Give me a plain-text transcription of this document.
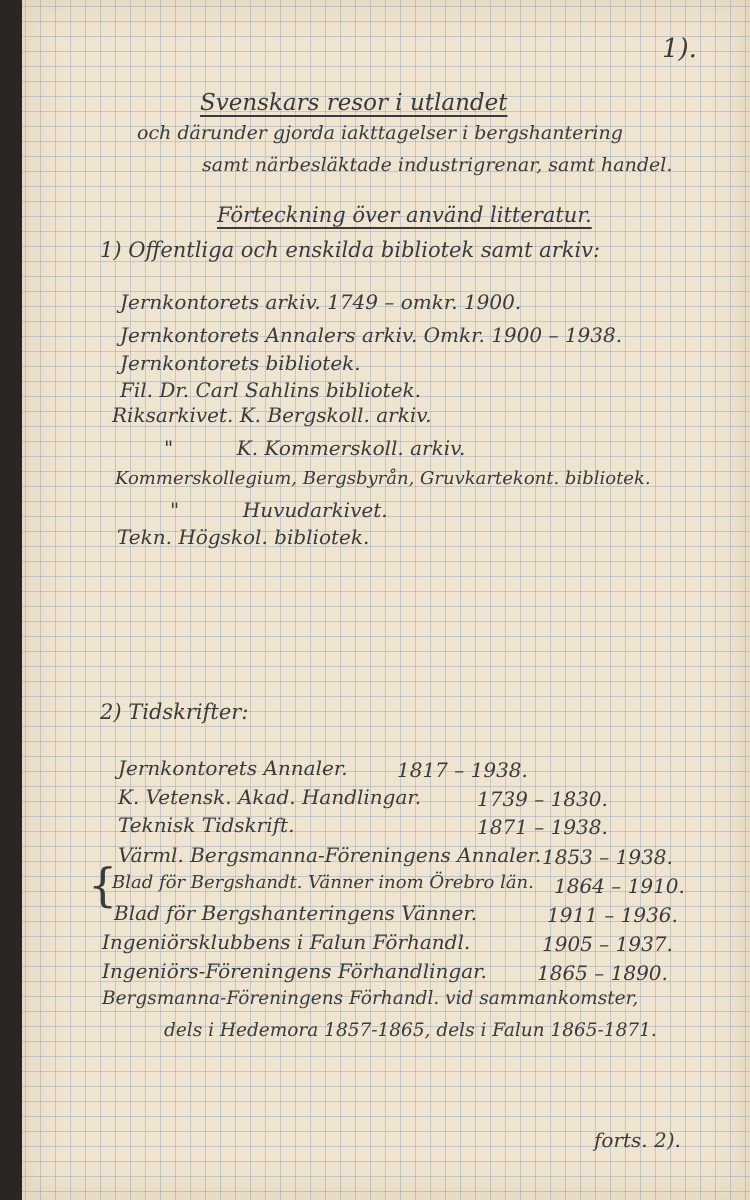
1).
Svenskars resor i utlandet
och därunder gjorda iakttagelser i bergshantering
samt närbesläktade industrigrenar, samt handel.
Förteckning över använd litteratur.
1) Offentliga och enskilda bibliotek samt arkiv:
Jernkontorets arkiv. 1749 – omkr. 1900.
Jernkontorets Annalers arkiv. Omkr. 1900 – 1938.
Jernkontorets bibliotek.
Fil. Dr. Carl Sahlins bibliotek.
Riksarkivet. K. Bergskoll. arkiv.
"          K. Kommerskoll. arkiv.
Kommerskollegium, Bergsbyrån, Gruvkartekont. bibliotek.
"          Huvudarkivet.
Tekn. Högskol. bibliotek.
2) Tidskrifter:
Jernkontorets Annaler. 1817 – 1938.
K. Vetensk. Akad. Handlingar.	1739 – 1830.
Teknisk Tidskrift.	1871 – 1938.
Värml. Bergsmanna-Föreningens Annaler. 1853 – 1938.
{
Blad för Bergshandt. Vänner inom Örebro län. 1864 – 1910.
Blad för Bergshanteringens Vänner.	1911 – 1936.
Ingeniörsklubbens i Falun Förhandl.	1905 – 1937.
Ingeniörs-Föreningens Förhandlingar.	1865 – 1890.
Bergsmanna-Föreningens Förhandl. vid sammankomster,
dels i Hedemora 1857-1865, dels i Falun 1865-1871.
forts. 2).
